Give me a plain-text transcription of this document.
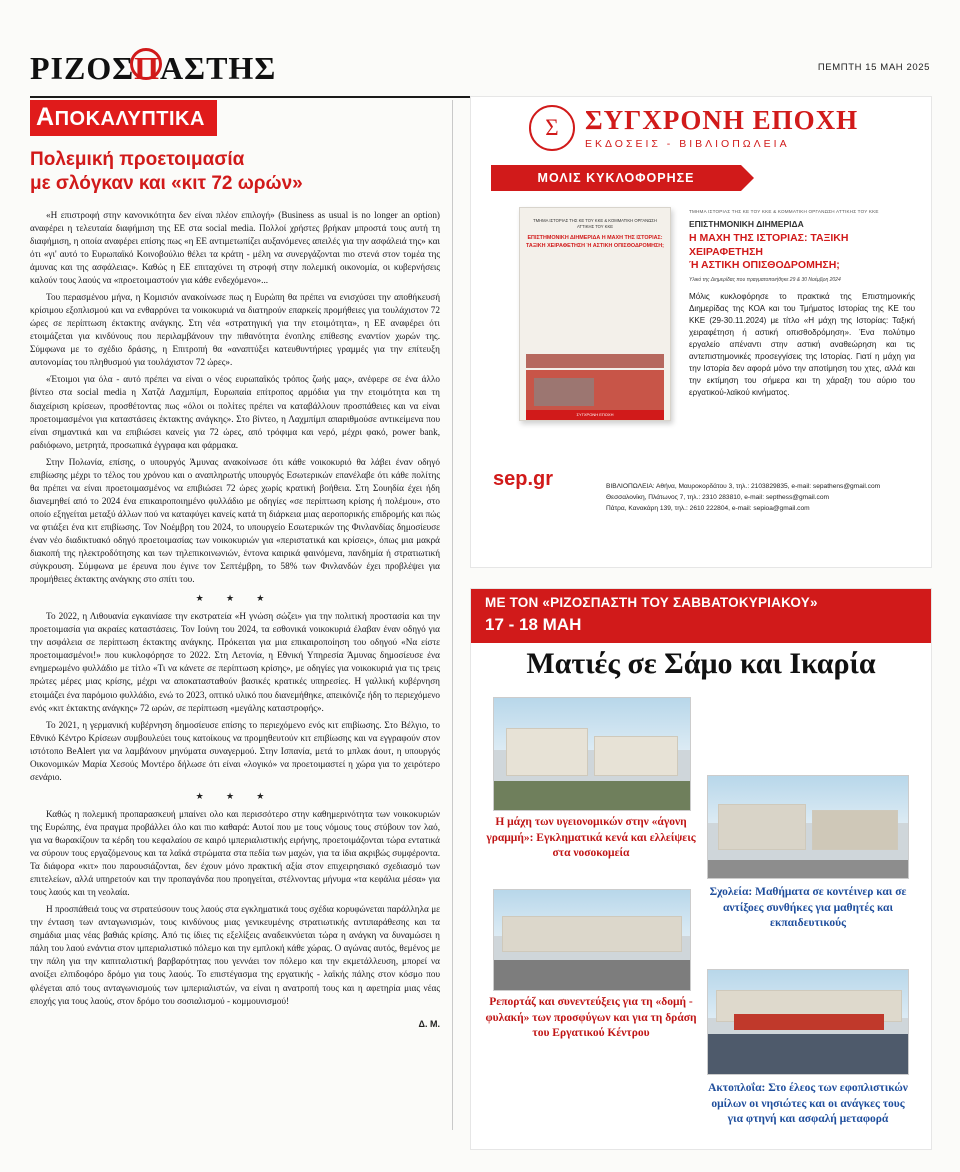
ΡΙΖΟΣΠΑΣΤΗΣ	ΠΕΜΠΤΗ 15 ΜΑΗ 2025
ΑΠΟΚΑΛΥΠΤΙΚΑ
Πολεμική προετοιμασία
με σλόγκαν και «κιτ 72 ωρών»

«Η επιστροφή στην κανονικότητα δεν είναι πλέον επιλογή» (Business as usual is no longer an option) αναφέρει η τελευταία διαφήμιση της ΕΕ στα social media. Πολλοί χρήστες βρήκαν μπροστά τους αυτή τη διαφήμιση, η οποία αναφέρει επίσης πως «η ΕΕ αντιμετωπίζει αυξανόμενες απειλές για την ασφάλειά της» και ότι «γι' αυτό το Ευρωπαϊκό Κοινοβούλιο θέλει τα κράτη - μέλη να συνεργάζονται πιο στενά στον τομέα της άμυνας και της ασφάλειας». Καθώς η ΕΕ επιταχύνει τη στροφή στην πολεμική οικονομία, οι κυβερνήσεις καλούν τους λαούς να «προετοιμαστούν για κάθε ενδεχόμενο»...

Του περασμένου μήνα, η Κομισιόν ανακοίνωσε πως η Ευρώπη θα πρέπει να ενισχύσει την αποθήκευσή κρίσιμου εξοπλισμού και να ενθαρρύνει τα νοικοκυριά να διατηρούν επαρκείς προμήθειες για τουλάχιστον 72 ώρες σε περίπτωση έκτακτης ανάγκης. Στη νέα «στρατηγική για την ετοιμότητα», η ΕΕ αναφέρει ότι ετοιμάζεται για κινδύνους που περιλαμβάνουν την πιθανότητα ένοπλης επίθεσης εναντίον χωρών της. Σύμφωνα με το σχέδιο δράσης, η Επιτροπή θα «αναπτύξει κατευθυντήριες γραμμές για την επίτευξη αυτονομίας του πληθυσμού για τουλάχιστον 72 ώρες».

«Έτοιμοι για όλα - αυτό πρέπει να είναι ο νέος ευρωπαϊκός τρόπος ζωής μας», ανέφερε σε ένα άλλο βίντεο στα social media η Χατζά Λαχμπίμπ, Ευρωπαία επίτροπος αρμόδια για την ετοιμότητα και τη διαχείριση κρίσεων, προσθέτοντας πως «όλοι οι πολίτες πρέπει να καταβάλλουν προσπάθειες και να είναι προετοιμασμένοι για καταστάσεις έκτακτης ανάγκης». Στο βίντεο, η Λαχμπίμπ απαριθμούσε αντικείμενα που είναι σημαντικά και να επιβιώσει κανείς για 72 ώρες, από τρόφιμα και νερό, μέχρι φακό, power bank, ραδιόφωνο, μετρητά, προσωπικά έγγραφα και φάρμακα.

Στην Πολωνία, επίσης, ο υπουργός Άμυνας ανακοίνωσε ότι κάθε νοικοκυριό θα λάβει έναν οδηγό επιβίωσης μέχρι το τέλος του χρόνου και ο αναπληρωτής υπουργός Εσωτερικών επανέλαβε ότι κάθε πολίτης θα πρέπει να είναι προετοιμασμένος να επιβιώσει 72 ώρες χωρίς κρατική βοήθεια. Στη Σουηδία έχει ήδη διανεμηθεί από το 2024 ένα επικαιροποιημένο φυλλάδιο με οδηγίες «σε περίπτωση κρίσης ή πολέμου», στο οποίο εξηγείται μεταξύ άλλων πού να καταφύγει κανείς κατά τη διάρκεια μιας αεροπορικής επιδρομής και πώς να φτιάξει ένα κιτ επιβίωσης. Τον Νοέμβρη του 2024, το υπουργείο Εσωτερικών της Φινλανδίας δημοσίευσε έναν νέο διαδικτυακό οδηγό προετοιμασίας των νοικοκυριών για «περιστατικά και κρίσεις», όπως μια μακρά διακοπή της ηλεκτροδότησης και των τηλεπικοινωνιών, έντονα καιρικά φαινόμενα, πανδημία ή στρατιωτική σύγκρουση. Σύμφωνα με έρευνα που έγινε τον Σεπτέμβρη, το 58% των Φινλανδών έχει προβλέψει για προμήθειες έκτακτης ανάγκης στο σπίτι του.

★ ★ ★

Το 2022, η Λιθουανία εγκαινίασε την εκστρατεία «Η γνώση σώζει» για την πολιτική προστασία και την προετοιμασία για ακραίες καταστάσεις. Τον Ιούνη του 2024, τα εσθονικά νοικοκυριά έλαβαν έναν οδηγό για την ασφάλεια σε περίπτωση έκτακτης ανάγκης. Πρόκειται για μια επικαιροποίηση του οδηγού «Να είστε προετοιμασμένοι!» που κυκλοφόρησε το 2022. Στη Λετονία, η Εθνική Υπηρεσία Άμυνας δημοσίευσε ένα ενημερωμένο φυλλάδιο με τίτλο «Τι να κάνετε σε περίπτωση κρίσης», με οδηγίες για νοικοκυριά για τις τρεις πρώτες μέρες μιας κρίσης, μέχρι να αποκατασταθούν βασικές κρατικές υπηρεσίες. Η γαλλική κυβέρνηση ετοιμάζει ένα παρόμοιο φυλλάδιο, ενώ το 2023, οπτικό υλικό που διανεμήθηκε, απεικόνιζε ήδη το περιεχόμενο ενός «κιτ έκτακτης ανάγκης» 72 ωρών, σε περίπτωση «μεγάλης καταστροφής».

Το 2021, η γερμανική κυβέρνηση δημοσίευσε επίσης το περιεχόμενο ενός κιτ επιβίωσης. Στο Βέλγιο, το Εθνικό Κέντρο Κρίσεων συμβουλεύει τους κατοίκους να προμηθευτούν κιτ επιβίωσης και να εγγραφούν στον ιστότοπο BeAlert για να λαμβάνουν μηνύματα συναγερμού. Στην Ισπανία, μετά το μπλακ άουτ, η υπουργός Οικονομικών Μαρία Χεσούς Μοντέρο δήλωσε ότι είναι «λογικό» να προετοιμαστεί η χώρα για το χειρότερο σενάριο.

★ ★ ★

Καθώς η πολεμική προπαρασκευή μπαίνει ολο και περισσότερο στην καθημερινότητα των νοικοκυριών της Ευρώπης, ένα πραγμα προβάλλει όλο και πιο καθαρά: Αυτοί που με τους νόμους τους στύβουν τον λαό, για να θωρακίζουν τα κέρδη του κεφαλαίου σε καιρό ιμπεριαλιστικής ειρήνης, προετοιμάζονται τώρα εντατικά να σύρουν τους εργαζόμενους και τα λαϊκά στρώματα στα πεδία των μαχών, για τα ίδια ακριβώς συμφέροντα. Τα διάφορα «κιτ» που παρουσιάζονται, δεν έχουν μόνο πρακτική αξία στον επιχειρησιακό σχεδιασμό των επιτελείων, αλλά υπηρετούν και την προπαγάνδα που προηγείται, στέλνοντας μήνυμα «τα κεφάλια μέσα» για τους λαούς και τη νεολαία.

Η προσπάθειά τους να στρατεύσουν τους λαούς στα εγκληματικά τους σχέδια κορυφώνεται παράλληλα με την ένταση των ανταγωνισμών, τους κινδύνους μιας γενικευμένης στρατιωτικής αντιπαράθεσης και τα σημάδια μιας νέας βαθιάς κρίσης. Από τις ίδιες τις εξελίξεις αναδεικνύεται τώρα η ανάγκη να δυναμώσει η πάλη του λαού ενάντια στον ιμπεριαλιστικό πόλεμο και την εμπλοκή κάθε χώρας. Ο αγώνας αυτός, θεμένος με την πάλη για την καπιταλιστική βαρβαρότητας που γεννάει τον πόλεμο και την εκμετάλλευση, μπορεί να ανοίξει ελπιδοφόρο δρόμο για τους λαούς. Το επιστέγασμα της εργατικής - λαϊκής πάλης στον κόσμο που φλέγεται από τους ανταγωνισμούς των ιμπεριαλιστών, να είναι η ανατροπή τους και η αφετηρία μιας νέας εποχής για τους λαούς, στον δρόμο του σοσιαλισμού - κομμουνισμού!

Δ. Μ.
Σ ΣΥΓΧΡΟΝΗ ΕΠΟΧΗ
ΕΚΔΟΣΕΙΣ - ΒΙΒΛΙΟΠΩΛΕΙΑ
ΜΟΛΙΣ ΚΥΚΛΟΦΟΡΗΣΕ
ΤΜΗΜΑ ΙΣΤΟΡΙΑΣ ΤΗΣ ΚΕ ΤΟΥ ΚΚΕ & ΚΟΜΜΑΤΙΚΗ ΟΡΓΑΝΩΣΗ ΑΤΤΙΚΗΣ ΤΟΥ ΚΚΕ
ΕΠΙΣΤΗΜΟΝΙΚΗ ΔΙΗΜΕΡΙΔΑ Η ΜΑΧΗ ΤΗΣ ΙΣΤΟΡΙΑΣ: ΤΑΞΙΚΗ ΧΕΙΡΑΦΕΤΗΣΗ Ή ΑΣΤΙΚΗ ΟΠΙΣΘΟΔΡΟΜΗΣΗ;
ΣΥΓΧΡΟΝΗ ΕΠΟΧΗ
ΤΜΗΜΑ ΙΣΤΟΡΙΑΣ ΤΗΣ ΚΕ ΤΟΥ ΚΚΕ & ΚΟΜΜΑΤΙΚΗ ΟΡΓΑΝΩΣΗ ΑΤΤΙΚΗΣ ΤΟΥ ΚΚΕ
ΕΠΙΣΤΗΜΟΝΙΚΗ ΔΙΗΜΕΡΙΔΑ
Η ΜΑΧΗ ΤΗΣ ΙΣΤΟΡΙΑΣ: ΤΑΞΙΚΗ ΧΕΙΡΑΦΕΤΗΣΗ
Ή ΑΣΤΙΚΗ ΟΠΙΣΘΟΔΡΟΜΗΣΗ;
Υλικό της Διημερίδας που πραγματοποιήθηκε 29 & 30 Νοέμβρη 2024
Μόλις κυκλοφόρησε το πρακτικά της Επιστημονικής Διημερίδας της ΚΟΑ και του Τμήματος Ιστορίας της ΚΕ του ΚΚΕ (29-30.11.2024) με τίτλο «Η μάχη της Ιστορίας: Ταξική χειραφέτηση ή αστική οπισθοδρόμηση». Ένα πολύτιμο εργαλείο απέναντι στην αστική αναθεώρηση και τις αντεπιστημονικές προσεγγίσεις της Ιστορίας. Γιατί η μάχη για την Ιστορία δεν αφορά μόνο την αποτίμηση του χτες, αλλά και την εκτίμηση του σήμερα και τη χάραξη του αύριο του εργατικού-λαϊκού κινήματος.
sep.gr	ΒΙΒΛΙΟΠΩΛΕΙΑ: Αθήνα, Μαυροκορδάτου 3, τηλ.: 2103829835, e-mail: sepathens@gmail.com
Θεσσαλονίκη, Πλάτωνος 7, τηλ.: 2310 283810, e-mail: septhess@gmail.com
Πάτρα, Κανακάρη 139, τηλ.: 2610 222804, e-mail: sepioa@gmail.com
ΜΕ ΤΟΝ «ΡΙΖΟΣΠΑΣΤΗ ΤΟΥ ΣΑΒΒΑΤΟΚΥΡΙΑΚΟΥ»
17 - 18 ΜΑΗ
Ματιές σε Σάμο και Ικαρία
Η μάχη των υγειονομικών στην «άγονη γραμμή»: Εγκληματικά κενά και ελλείψεις στα νοσοκομεία
Σχολεία: Μαθήματα σε κοντέινερ και σε αντίξοες συνθήκες για μαθητές και εκπαιδευτικούς
Ρεπορτάζ και συνεντεύξεις για τη «δομή - φυλακή» των προσφύγων και για τη δράση του Εργατικού Κέντρου
Ακτοπλοΐα: Στο έλεος των εφοπλιστικών ομίλων οι νησιώτες και οι ανάγκες τους για φτηνή και ασφαλή μεταφορά
